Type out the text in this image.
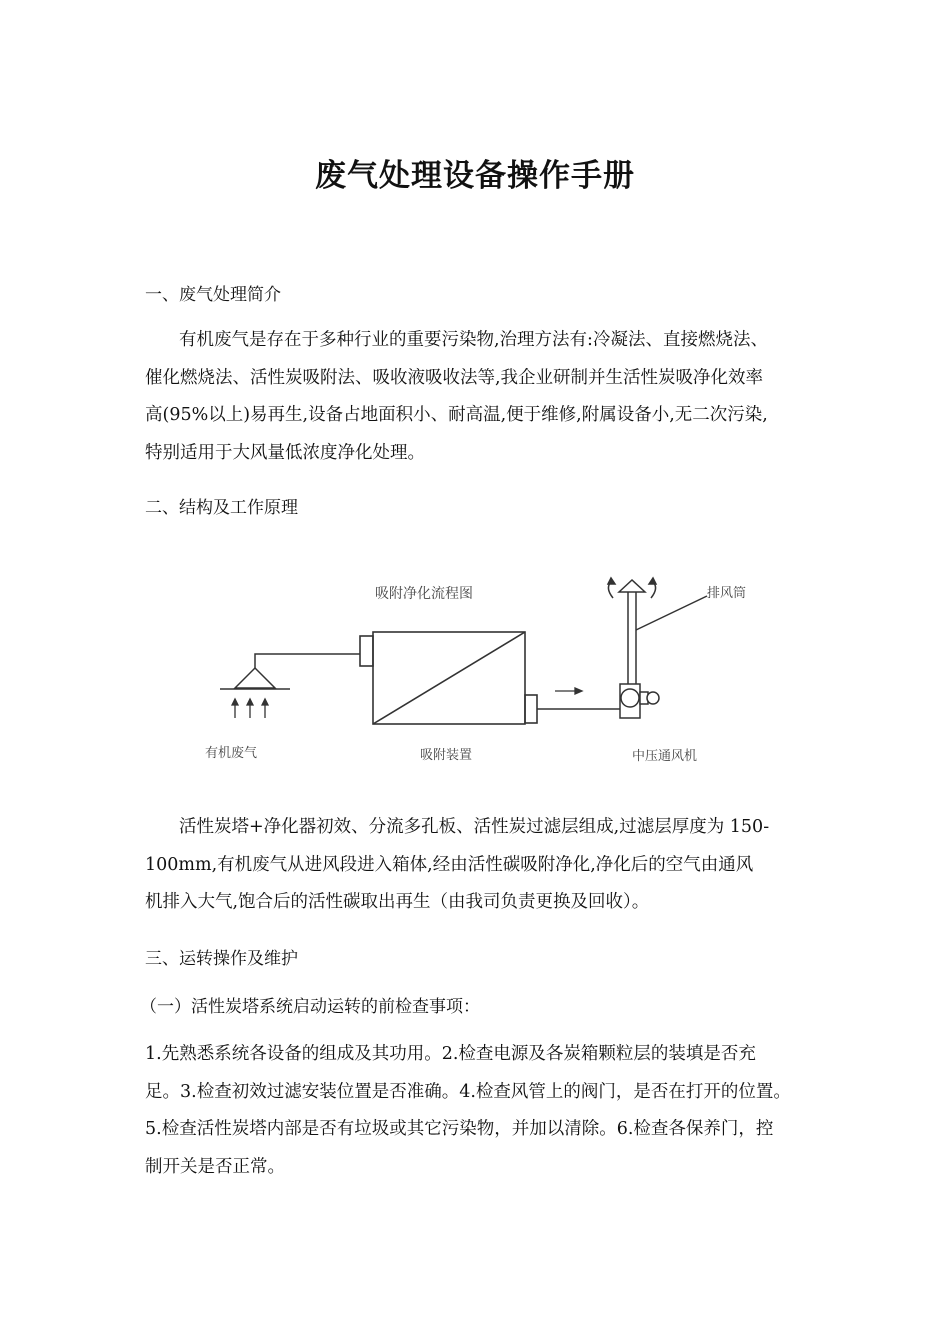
废气处理设备操作手册
一、废气处理简介
有机废气是存在于多种行业的重要污染物,治理方法有:冷凝法、直接燃烧法、
催化燃烧法、活性炭吸附法、吸收液吸收法等,我企业研制并生活性炭吸净化效率
高(95%以上)易再生,设备占地面积小、耐高温,便于维修,附属设备小,无二次污染,
特别适用于大风量低浓度净化处理。
二、结构及工作原理
吸附净化流程图	排风筒
有机废气	吸附装置	中压通风机
活性炭塔+净化器初效、分流多孔板、活性炭过滤层组成,过滤层厚度为 150-
100mm,有机废气从进风段进入箱体,经由活性碳吸附净化,净化后的空气由通风
机排入大气,饱合后的活性碳取出再生（由我司负责更换及回收）。
三、运转操作及维护
（一）活性炭塔系统启动运转的前检查事项：
1.先熟悉系统各设备的组成及其功用。2.检查电源及各炭箱颗粒层的装填是否充
足。3.检查初效过滤安装位置是否准确。4.检查风管上的阀门，是否在打开的位置。
5.检查活性炭塔内部是否有垃圾或其它污染物，并加以清除。6.检查各保养门，控
制开关是否正常。
